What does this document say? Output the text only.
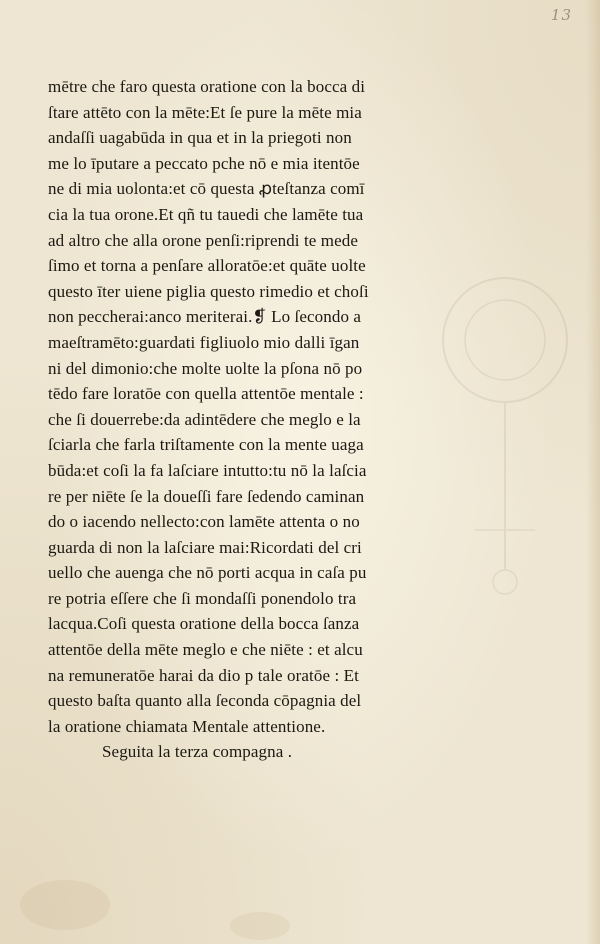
13
mētre che faro questa oratione con la bocca di
ſtare attēto con la mēte:Et ſe pure la mēte mia
andaſſi uagabūda in qua et in la priegoti non
me lo īputare a peccato pche nō e mia itentōe
ne di mia uolonta:et cō questa ꝓteſtanza comī
cia la tua orone.Et qñ tu tauedi che lamēte tua
ad altro che alla orone penſi:riprendi te mede
ſimo et torna a penſare alloratōe:et quāte uolte
questo īter uiene piglia questo rimedio et choſi
non peccherai:anco meriterai.❡ Lo ſecondo a
maeſtramēto:guardati figliuolo mio dalli īgan
ni del dimonio:che molte uolte la pſona nō po
tēdo fare loratōe con quella attentōe mentale :
che ſi douerrebe:da adintēdere che meglo e la
ſciarla che farla triſtamente con la mente uaga
būda:et coſi la fa laſciare intutto:tu nō la laſcia
re per niēte ſe la doueſſi fare ſedendo caminan
do o iacendo nellecto:con lamēte attenta o no
guarda di non la laſciare mai:Ricordati del cri
uello che auenga che nō porti acqua in caſa pu
re potria eſſere che ſi mondaſſi ponendolo tra
lacqua.Coſi questa oratione della bocca ſanza
attentōe della mēte meglo e che niēte : et alcu
na remuneratōe harai da dio p tale oratōe : Et
questo baſta quanto alla ſeconda cōpagnia del
la oratione chiamata Mentale attentione.
Seguita la terza compagna .
